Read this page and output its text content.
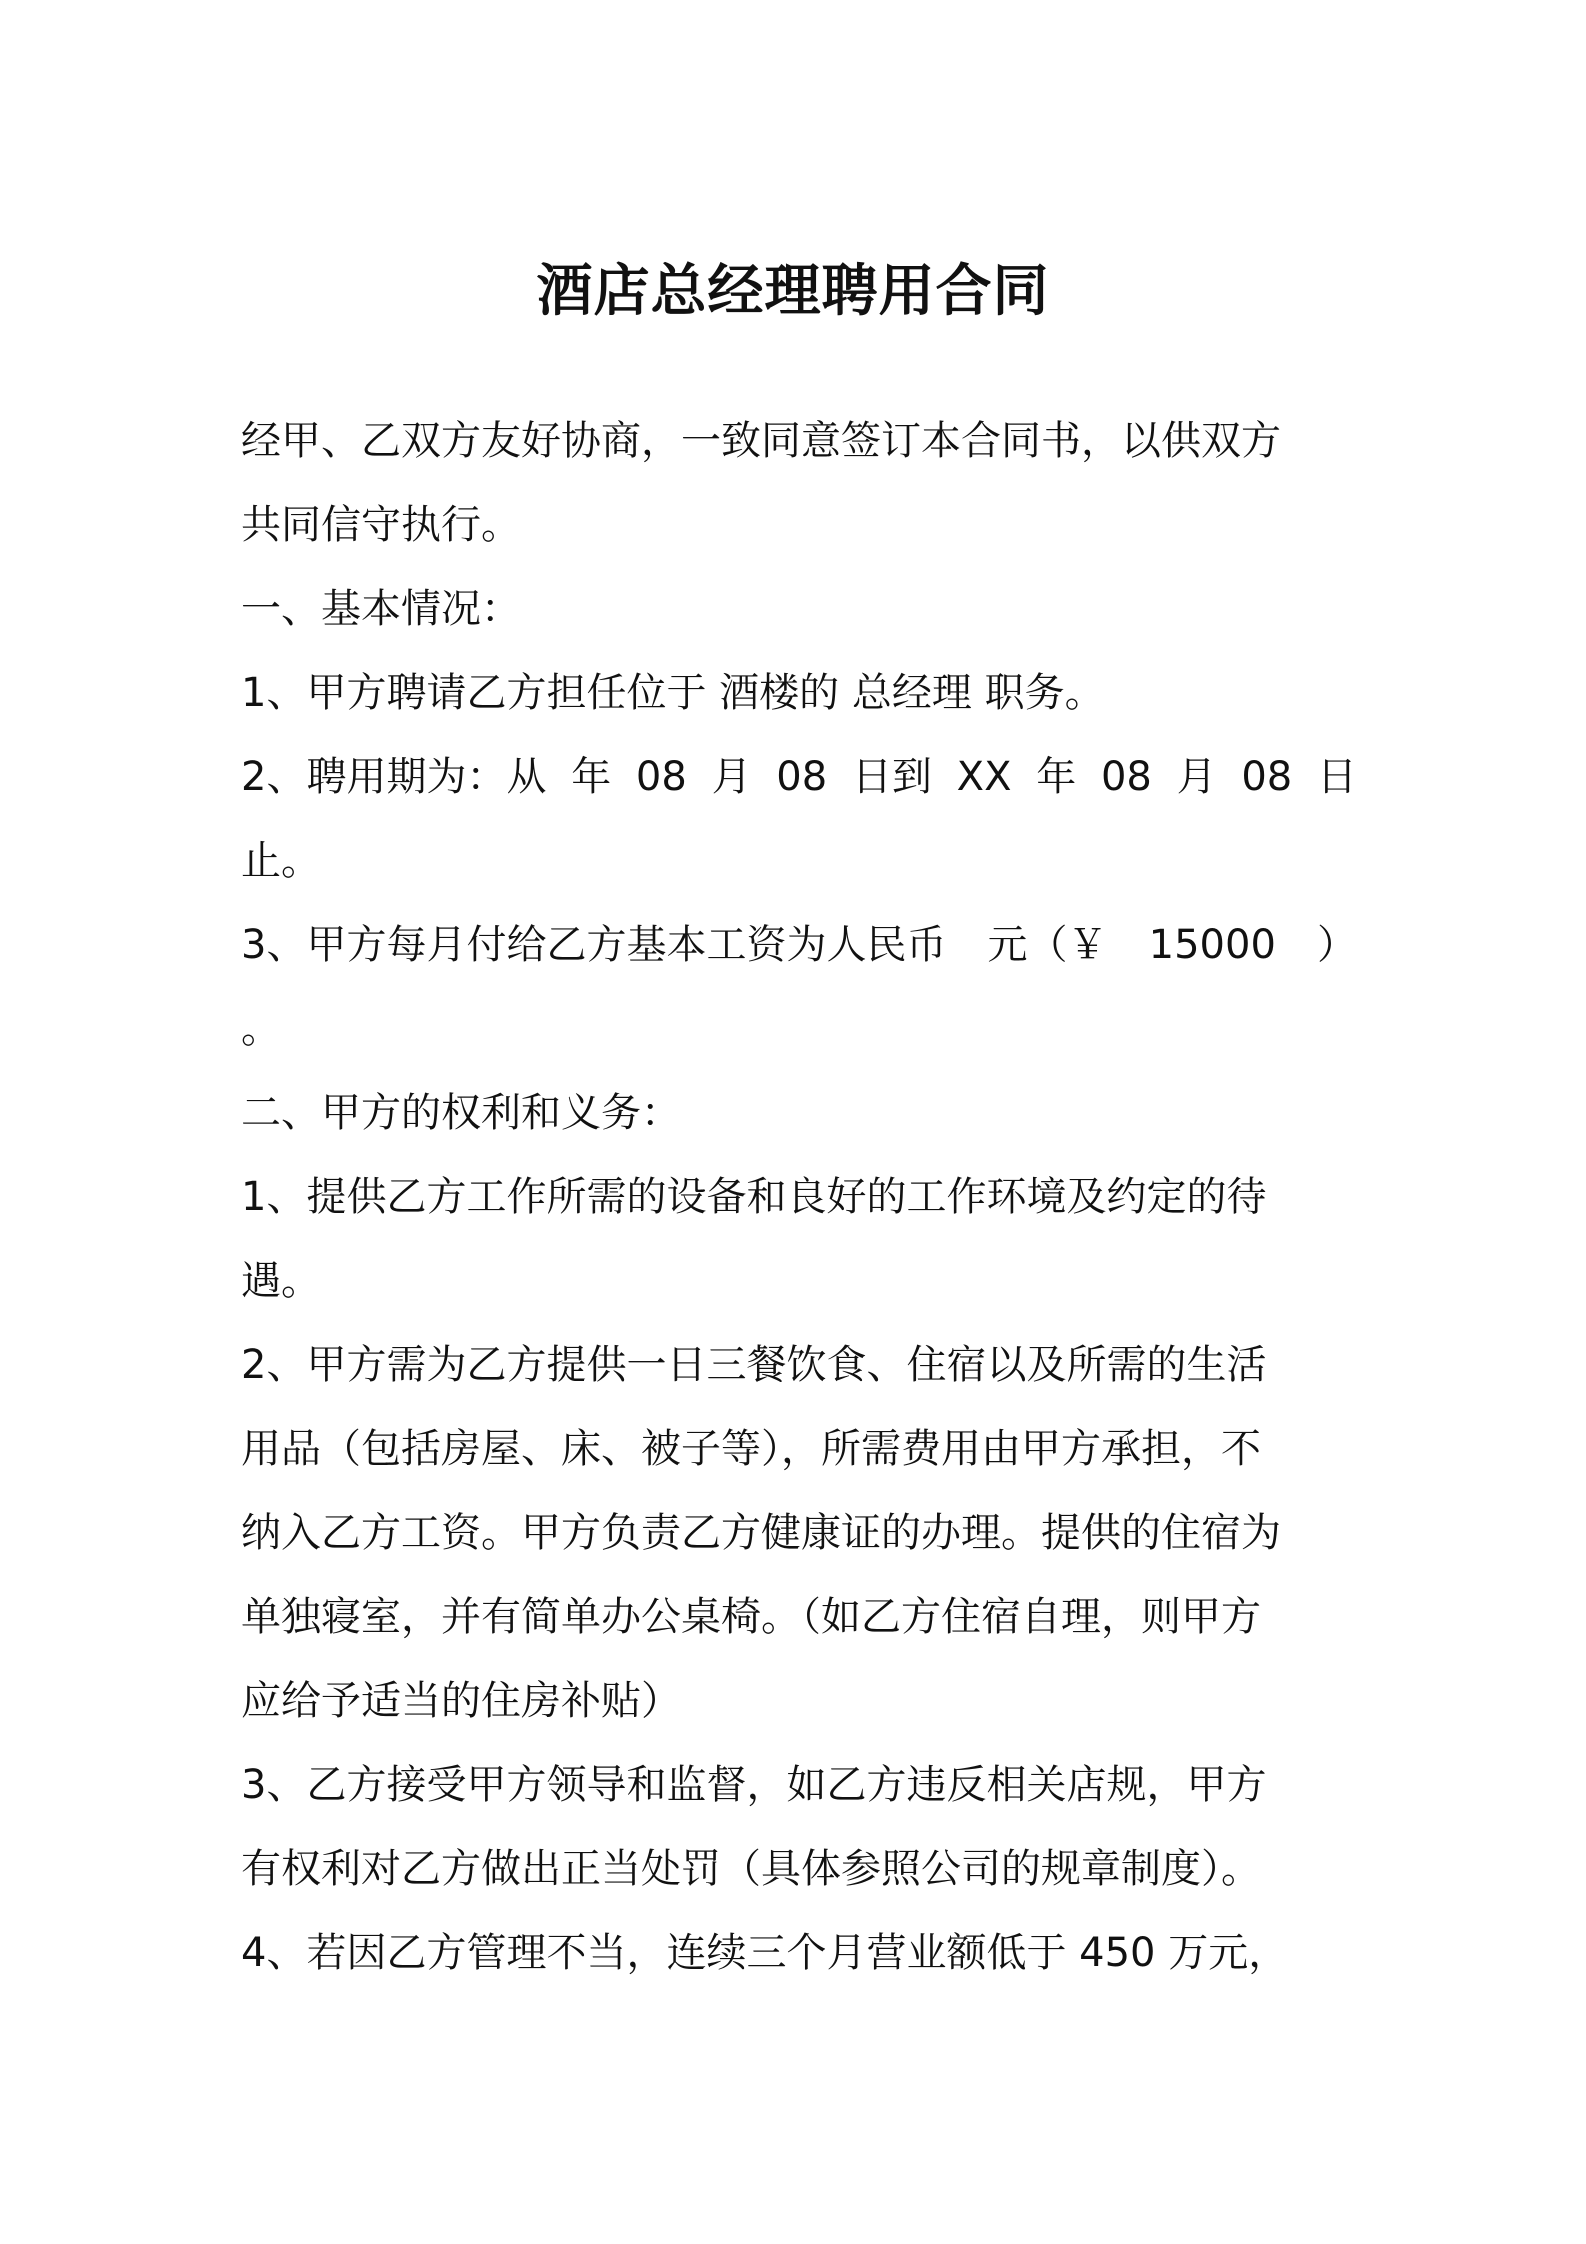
酒店总经理聘用合同
经甲、乙双方友好协商，一致同意签订本合同书，以供双方
共同信守执行。
一、基本情况：
1、甲方聘请乙方担任位于 酒楼的 总经理 职务。
2、聘用期为：从 年 08 月 08 日到 XX 年 08 月 08 日
止。
3、甲方每月付给乙方基本工资为人民币 元（￥ 15000 ）
。
二、甲方的权利和义务：
1、提供乙方工作所需的设备和良好的工作环境及约定的待
遇。
2、甲方需为乙方提供一日三餐饮食、住宿以及所需的生活
用品（包括房屋、床、被子等），所需费用由甲方承担，不
纳入乙方工资。甲方负责乙方健康证的办理。提供的住宿为
单独寝室，并有简单办公桌椅。（如乙方住宿自理，则甲方
应给予适当的住房补贴）
3、乙方接受甲方领导和监督，如乙方违反相关店规，甲方
有权利对乙方做出正当处罚（具体参照公司的规章制度）。
4、若因乙方管理不当，连续三个月营业额低于 450 万元，
